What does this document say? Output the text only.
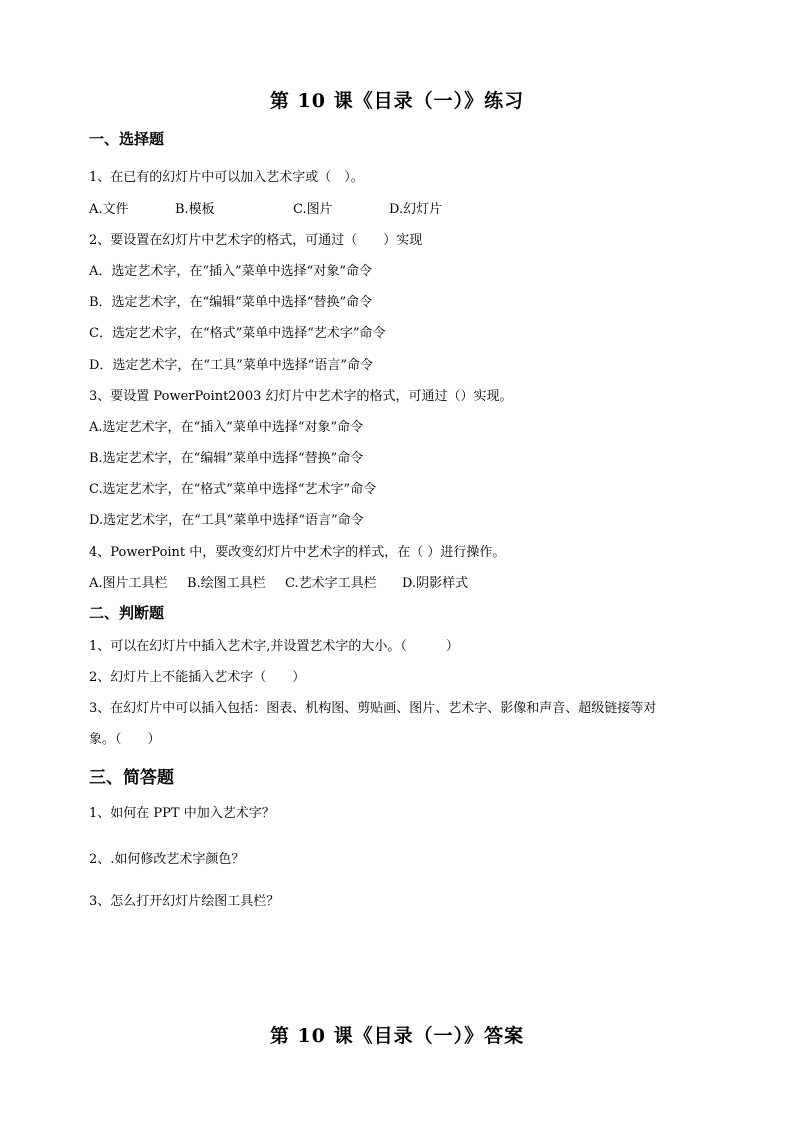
第 10 课《目录（一）》练习
一、选择题
1、在已有的幻灯片中可以加入艺术字或（　）。
A.文件	B.模板	C.图片	D.幻灯片
2、要设置在幻灯片中艺术字的格式，可通过（　　）实现
A．选定艺术字，在“插入”菜单中选择“对象”命令
B．选定艺术字，在“编辑”菜单中选择“替换”命令
C．选定艺术字，在“格式”菜单中选择“艺术字”命令
D．选定艺术字，在“工具”菜单中选择“语言”命令
3、要设置 PowerPoint2003 幻灯片中艺术字的格式，可通过（）实现。
A.选定艺术字，在“插入”菜单中选择“对象”命令
B.选定艺术字，在“编辑”菜单中选择“替换”命令
C.选定艺术字，在“格式”菜单中选择“艺术字”命令
D.选定艺术字，在“工具”菜单中选择“语言”命令
4、PowerPoint 中，要改变幻灯片中艺术字的样式，在（ ）进行操作。
A.图片工具栏 B.绘图工具栏 C.艺术字工具栏 D.阴影样式
二、判断题
1、可以在幻灯片中插入艺术字,并设置艺术字的大小。（　　　）
2、幻灯片上不能插入艺术字（　　）
3、在幻灯片中可以插入包括：图表、机构图、剪贴画、图片、艺术字、影像和声音、超级链接等对
象。（　　）
三、简答题
1、如何在 PPT 中加入艺术字？
2、.如何修改艺术字颜色？
3、怎么打开幻灯片绘图工具栏？
第 10 课《目录（一）》答案
